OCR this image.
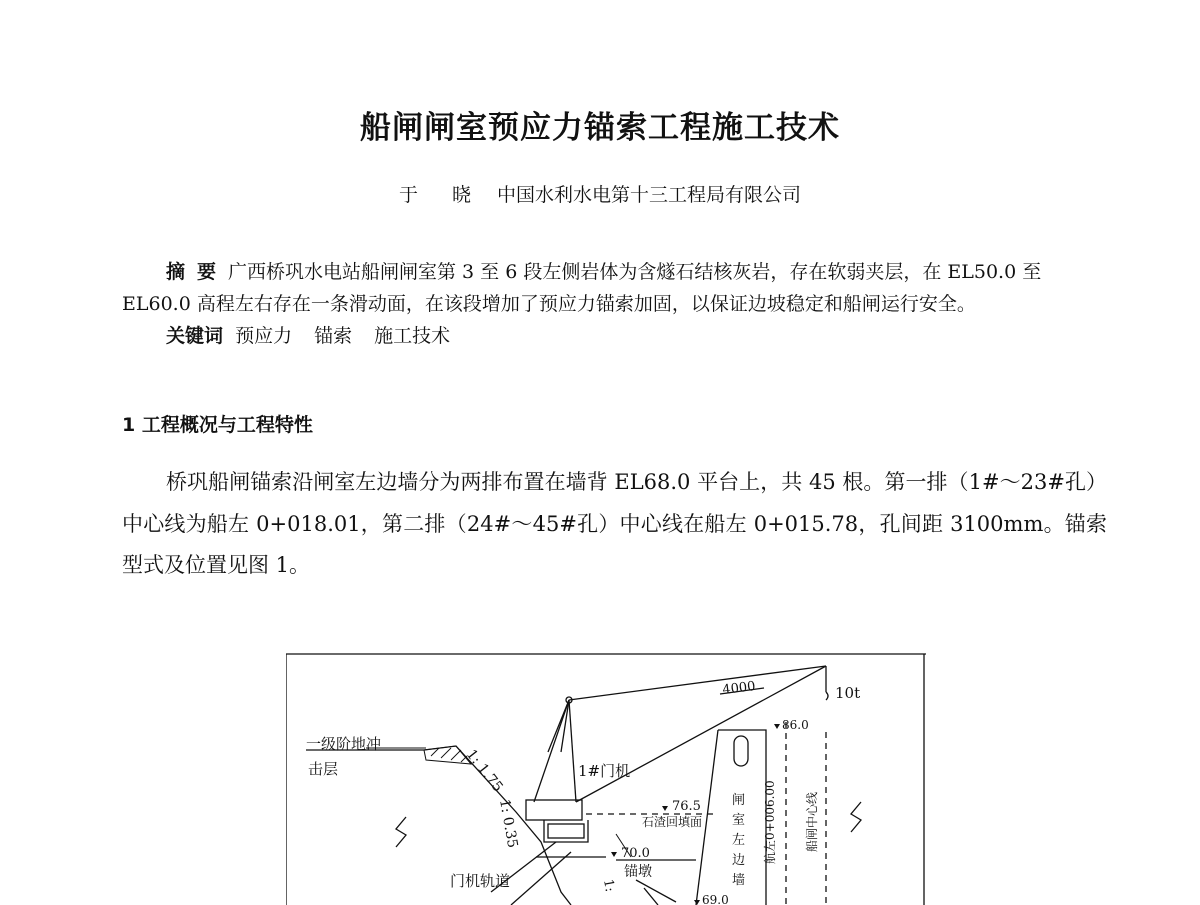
船闸闸室预应力锚索工程施工技术
于 晓 中国水利水电第十三工程局有限公司

摘要广西桥巩水电站船闸闸室第 3 至 6 段左侧岩体为含燧石结核灰岩，存在软弱夹层，在 EL50.0 至 EL60.0 高程左右存在一条滑动面，在该段增加了预应力锚索加固，以保证边坡稳定和船闸运行安全。

关键词 预应力 锚索 施工技术

1 工程概况与工程特性

桥巩船闸锚索沿闸室左边墙分为两排布置在墙背 EL68.0 平台上，共 45 根。第一排（1#～23#孔）中心线为船左 0+018.01，第二排（24#～45#孔）中心线在船左 0+015.78，孔间距 3100mm。锚索型式及位置见图 1。

4000	10t
86.0
一级阶地冲
击层	1: 1.75	1#门机
76.5
石渣回填面
1: 0.35
70.0
门机轨道	锚墩
69.0
1:
闸
室
左
边
墙
航左0+006.00 船闸中心线
